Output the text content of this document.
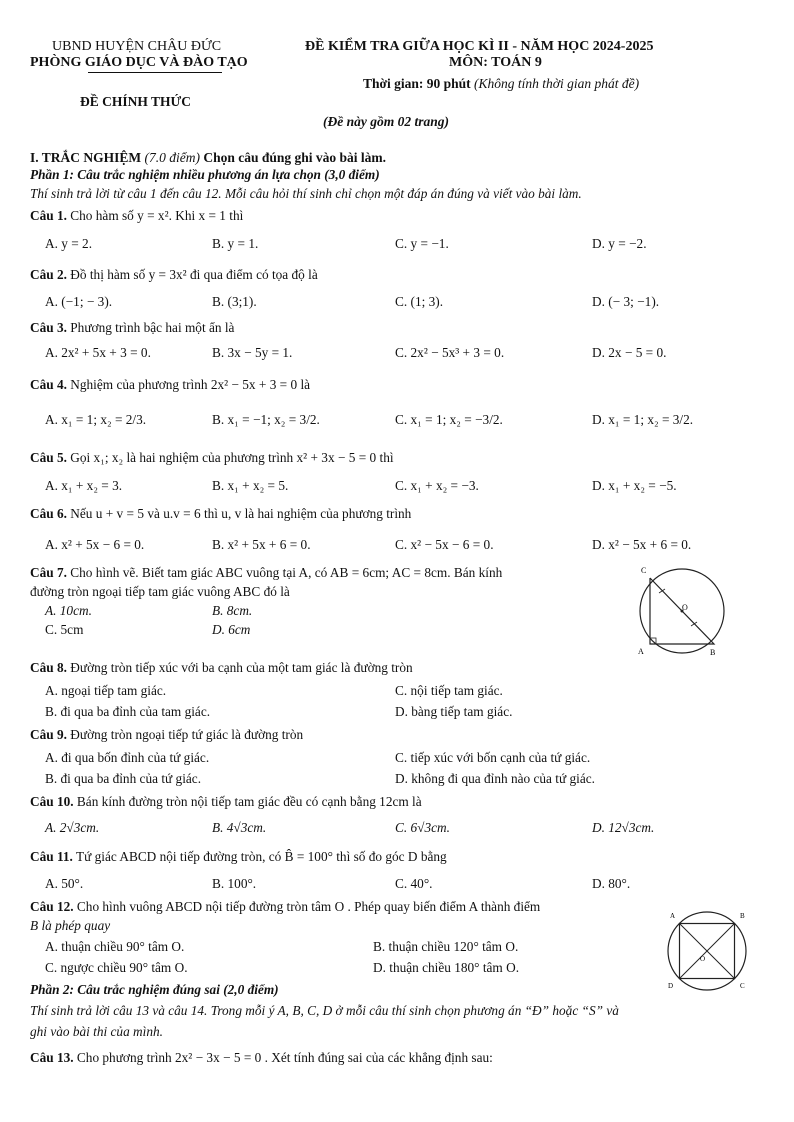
UBND HUYỆN CHÂU ĐỨC
PHÒNG GIÁO DỤC VÀ ĐÀO TẠO
ĐỀ CHÍNH THỨC
ĐỀ KIỂM TRA GIỮA HỌC KÌ II - NĂM HỌC 2024-2025
MÔN: TOÁN 9
Thời gian: 90 phút (Không tính thời gian phát đề)
(Đề này gồm 02 trang)
I. TRẮC NGHIỆM (7.0 điểm) Chọn câu đúng ghi vào bài làm.
Phần 1: Câu trắc nghiệm nhiều phương án lựa chọn (3,0 điểm)
Thí sinh trả lời từ câu 1 đến câu 12. Mỗi câu hỏi thí sinh chỉ chọn một đáp án đúng và viết vào bài làm.
Câu 1. Cho hàm số y = x². Khi x = 1 thì
A. y = 2.	B. y = 1.	C. y = −1.	D. y = −2.
Câu 2. Đồ thị hàm số y = 3x² đi qua điểm có tọa độ là
A. (−1; − 3).	B. (3;1).	C. (1; 3).	D. (− 3; −1).
Câu 3. Phương trình bậc hai một ẩn là
A. 2x² + 5x + 3 = 0.	B. 3x − 5y = 1.	C. 2x² − 5x³ + 3 = 0.	D. 2x − 5 = 0.
Câu 4. Nghiệm của phương trình 2x² − 5x + 3 = 0 là
A. x₁ = 1; x₂ = 2/3.	B. x₁ = −1; x₂ = 3/2.	C. x₁ = 1; x₂ = −3/2.	D. x₁ = 1; x₂ = 3/2.
Câu 5. Gọi x₁; x₂ là hai nghiệm của phương trình x² + 3x − 5 = 0 thì
A. x₁ + x₂ = 3.	B. x₁ + x₂ = 5.	C. x₁ + x₂ = −3.	D. x₁ + x₂ = −5.
Câu 6. Nếu u + v = 5 và u.v = 6 thì u, v là hai nghiệm của phương trình
A. x² + 5x − 6 = 0.	B. x² + 5x + 6 = 0.	C. x² − 5x − 6 = 0.	D. x² − 5x + 6 = 0.
Câu 7. Cho hình vẽ. Biết tam giác ABC vuông tại A, có AB = 6cm; AC = 8cm. Bán kính
đường tròn ngoại tiếp tam giác vuông ABC đó là
A. 10cm.	B. 8cm.
C. 5cm	D. 6cm
C
O
A	B
Câu 8. Đường tròn tiếp xúc với ba cạnh của một tam giác là đường tròn
A. ngoại tiếp tam giác.	C. nội tiếp tam giác.
B. đi qua ba đỉnh của tam giác.	D. bàng tiếp tam giác.
Câu 9. Đường tròn ngoại tiếp tứ giác là đường tròn
A. đi qua bốn đỉnh của tứ giác.	C. tiếp xúc với bốn cạnh của tứ giác.
B. đi qua ba đỉnh của tứ giác.	D. không đi qua đỉnh nào của tứ giác.
Câu 10. Bán kính đường tròn nội tiếp tam giác đều có cạnh bằng 12cm là
A. 2√3cm.	B. 4√3cm.	C. 6√3cm.	D. 12√3cm.
Câu 11. Tứ giác ABCD nội tiếp đường tròn, có B̂ = 100° thì số đo góc D bằng
A. 50°.	B. 100°.	C. 40°.	D. 80°.
Câu 12. Cho hình vuông ABCD nội tiếp đường tròn tâm O . Phép quay biến điểm A thành điểm
B là phép quay
A. thuận chiều 90° tâm O.	B. thuận chiều 120° tâm O.
C. ngược chiều 90° tâm O.	D. thuận chiều 180° tâm O.
A	B
O
D	C
Phần 2: Câu trắc nghiệm đúng sai (2,0 điểm)
Thí sinh trả lời câu 13 và câu 14. Trong mỗi ý A, B, C, D ở mỗi câu thí sinh chọn phương án “Đ” hoặc “S” và
ghi vào bài thi của mình.
Câu 13. Cho phương trình 2x² − 3x − 5 = 0 . Xét tính đúng sai của các khẳng định sau:
